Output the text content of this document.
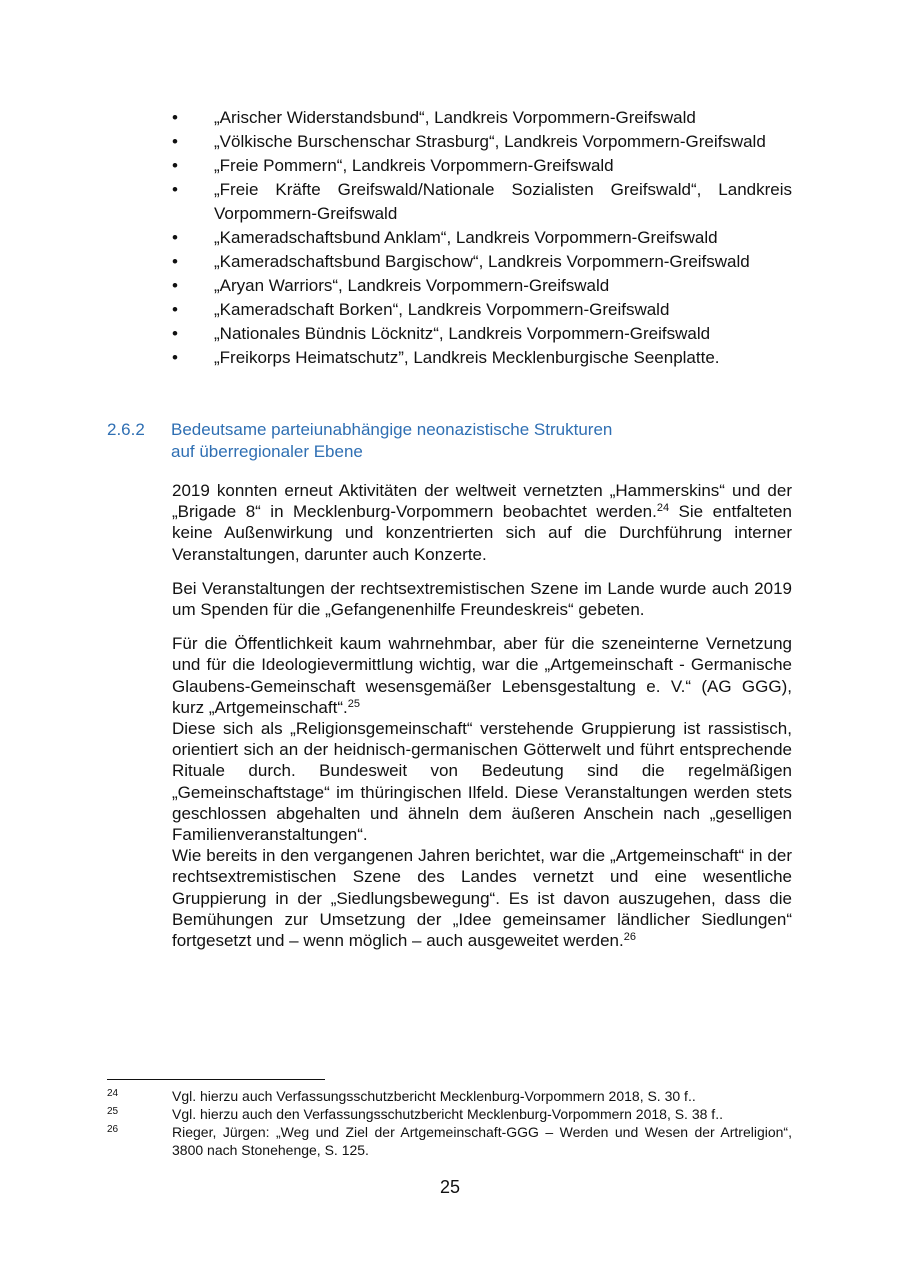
• „Arischer Widerstandsbund“, Landkreis Vorpommern-Greifswald
• „Völkische Burschenschar Strasburg“, Landkreis Vorpommern-Greifswald
• „Freie Pommern“, Landkreis Vorpommern-Greifswald
• „Freie Kräfte Greifswald/Nationale Sozialisten Greifswald“, Landkreis Vorpommern-Greifswald
• „Kameradschaftsbund Anklam“, Landkreis Vorpommern-Greifswald
• „Kameradschaftsbund Bargischow“, Landkreis Vorpommern-Greifswald
• „Aryan Warriors“, Landkreis Vorpommern-Greifswald
• „Kameradschaft Borken“, Landkreis Vorpommern-Greifswald
• „Nationales Bündnis Löcknitz“, Landkreis Vorpommern-Greifswald
• „Freikorps Heimatschutz”, Landkreis Mecklenburgische Seenplatte.
2.6.2 Bedeutsame parteiunabhängige neonazistische Strukturen
auf überregionaler Ebene

2019 konnten erneut Aktivitäten der weltweit vernetzten „Hammerskins“ und der „Brigade 8“ in Mecklenburg-Vorpommern beobachtet werden.$^{24}$ Sie entfalteten keine Außenwirkung und konzentrierten sich auf die Durchführung interner Veranstaltungen, darunter auch Konzerte.

Bei Veranstaltungen der rechtsextremistischen Szene im Lande wurde auch 2019 um Spenden für die „Gefangenenhilfe Freundeskreis“ gebeten.

Für die Öffentlichkeit kaum wahrnehmbar, aber für die szeneinterne Vernetzung und für die Ideologievermittlung wichtig, war die „Artgemeinschaft - Germanische Glaubens-Gemeinschaft wesensgemäßer Lebensgestaltung e. V.“ (AG GGG), kurz „Artgemeinschaft“.$^{25}$

Diese sich als „Religionsgemeinschaft“ verstehende Gruppierung ist rassistisch, orientiert sich an der heidnisch-germanischen Götterwelt und führt entsprechende Rituale durch. Bundesweit von Bedeutung sind die regelmäßigen „Gemeinschaftstage“ im thüringischen Ilfeld. Diese Veranstaltungen werden stets geschlossen abgehalten und ähneln dem äußeren Anschein nach „geselligen Familienveranstaltungen“.

Wie bereits in den vergangenen Jahren berichtet, war die „Artgemeinschaft“ in der rechtsextremistischen Szene des Landes vernetzt und eine wesentliche Gruppierung in der „Siedlungsbewegung“. Es ist davon auszugehen, dass die Bemühungen zur Umsetzung der „Idee gemeinsamer ländlicher Siedlungen“ fortgesetzt und – wenn möglich – auch ausgeweitet werden.$^{26}$

24	Vgl. hierzu auch Verfassungsschutzbericht Mecklenburg-Vorpommern 2018, S. 30 f..
25	Vgl. hierzu auch den Verfassungsschutzbericht Mecklenburg-Vorpommern 2018, S. 38 f..
26	Rieger, Jürgen: „Weg und Ziel der Artgemeinschaft-GGG – Werden und Wesen der Artreligion“, 3800 nach Stonehenge, S. 125.
25
